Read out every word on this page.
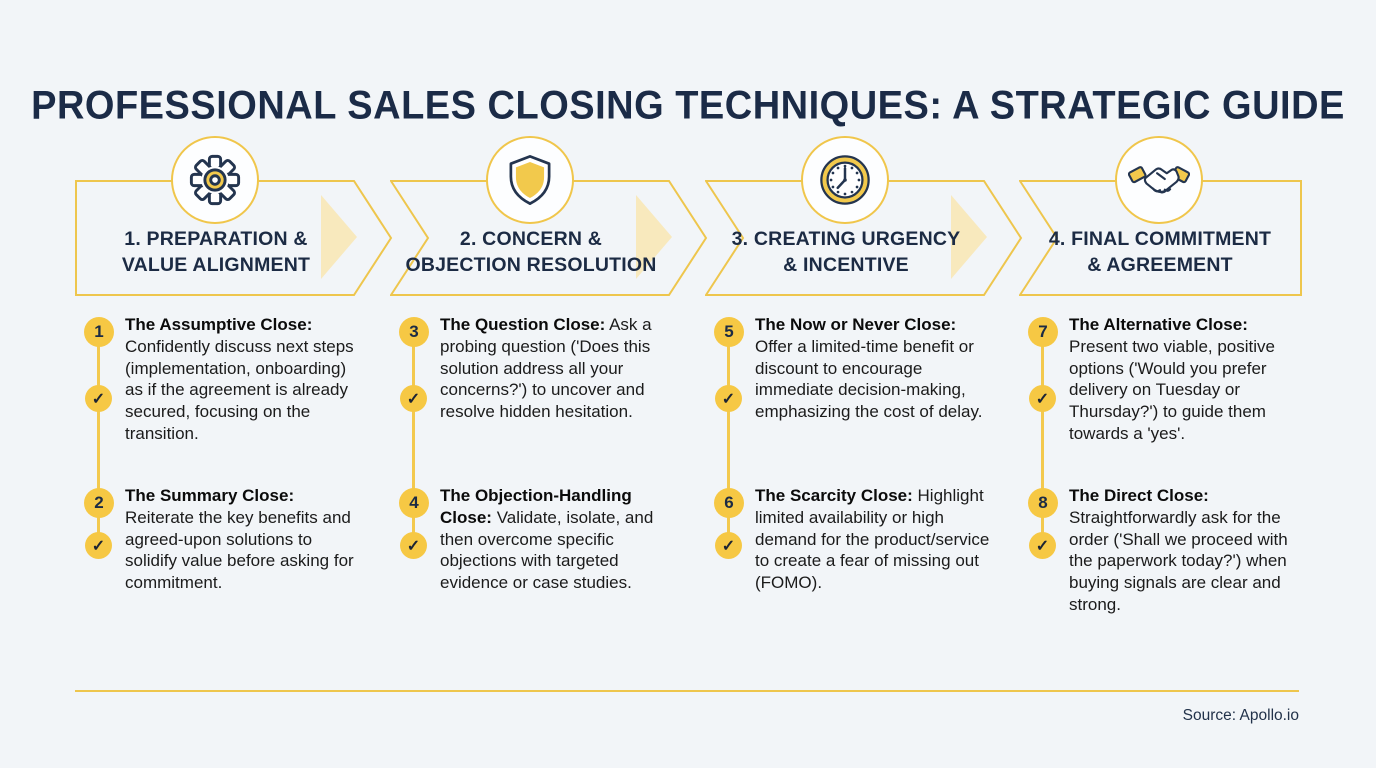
PROFESSIONAL SALES CLOSING TECHNIQUES: A STRATEGIC GUIDE
1. PREPARATION &
VALUE ALIGNMENT
1
✓

The Assumptive Close: Confidently discuss next steps (implementation, onboarding) as if the agreement is already secured, focusing on the transition.

2
✓

The Summary Close: Reiterate the key benefits and agreed-upon solutions to solidify value before asking for commitment.

2. CONCERN &
OBJECTION RESOLUTION
3
✓

The Question Close: Ask a probing question ('Does this solution address all your concerns?') to uncover and resolve hidden hesitation.

4
✓

The Objection-Handling Close: Validate, isolate, and then overcome specific objections with targeted evidence or case studies.

3. CREATING URGENCY
& INCENTIVE
5
✓

The Now or Never Close: Offer a limited-time benefit or discount to encourage immediate decision-making, emphasizing the cost of delay.

6
✓

The Scarcity Close: Highlight limited availability or high demand for the product/service to create a fear of missing out (FOMO).

4. FINAL COMMITMENT
& AGREEMENT
7
✓

The Alternative Close: Present two viable, positive options ('Would you prefer delivery on Tuesday or Thursday?') to guide them towards a 'yes'.

8
✓

The Direct Close: Straightforwardly ask for the order ('Shall we proceed with the paperwork today?') when buying signals are clear and strong.

Source: Apollo.io
